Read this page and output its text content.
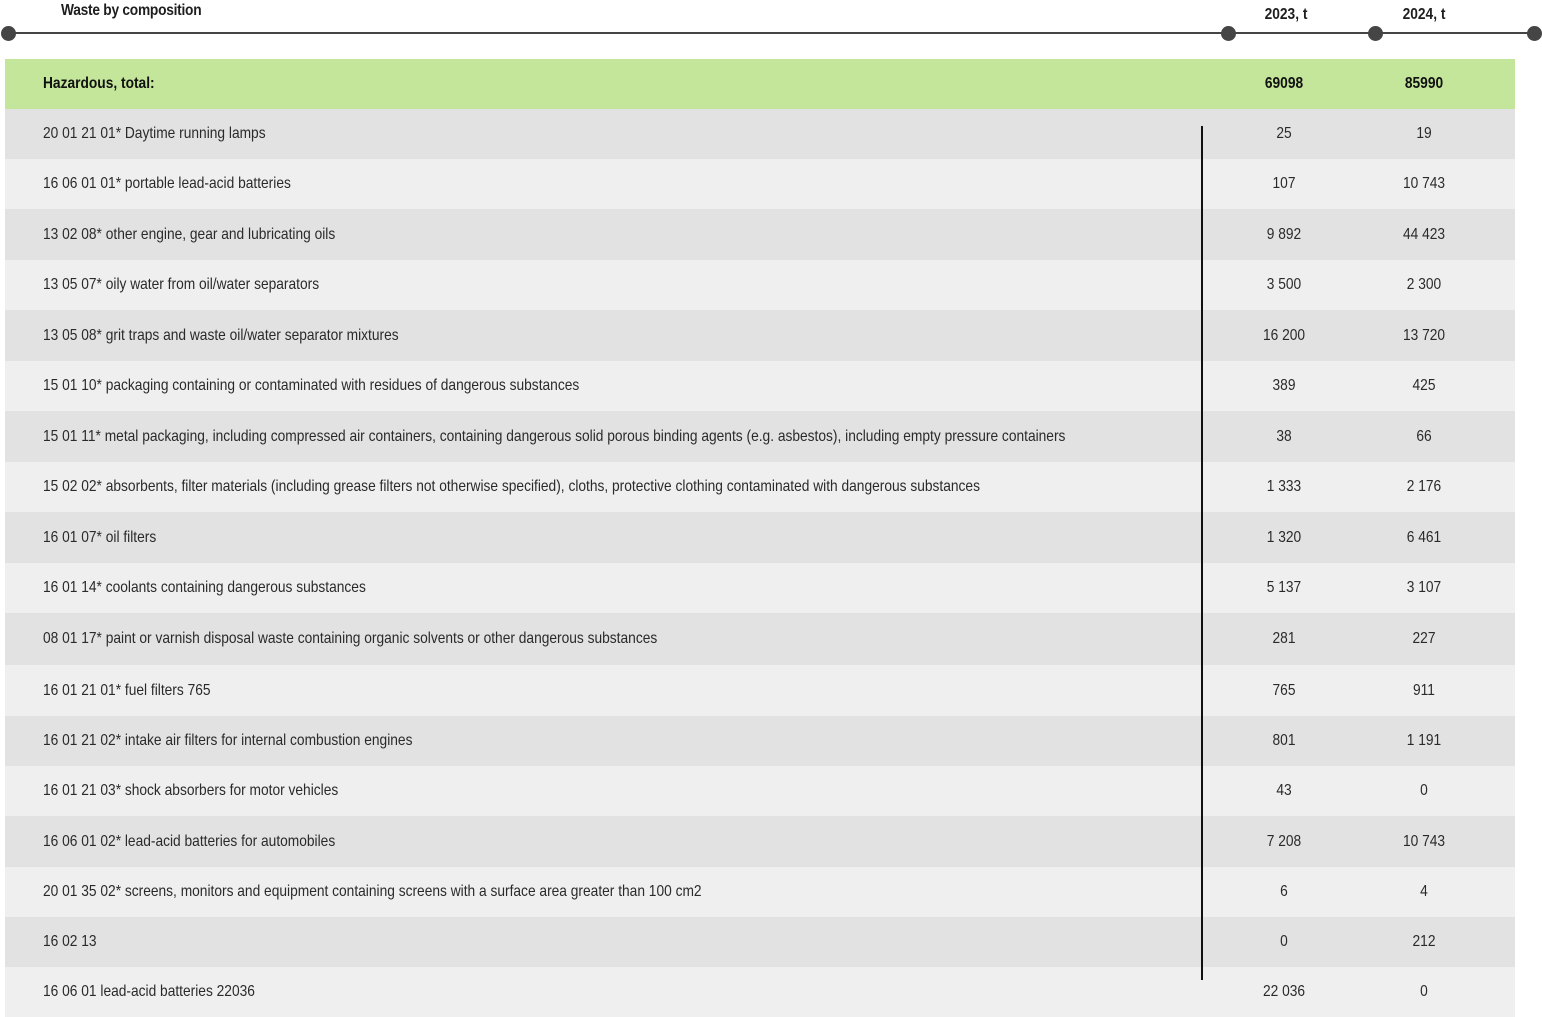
Waste by composition	2023, t	2024, t
Hazardous, total:	69098	85990
20 01 21 01* Daytime running lamps	25	19
16 06 01 01* portable lead-acid batteries	107	10 743
13 02 08* other engine, gear and lubricating oils	9 892	44 423
13 05 07* oily water from oil/water separators	3 500	2 300
13 05 08* grit traps and waste oil/water separator mixtures	16 200	13 720
15 01 10* packaging containing or contaminated with residues of dangerous substances	389	425
15 01 11* metal packaging, including compressed air containers, containing dangerous solid porous binding agents (e.g. asbestos), including empty pressure containers	38	66
15 02 02* absorbents, filter materials (including grease filters not otherwise specified), cloths, protective clothing contaminated with dangerous substances	1 333	2 176
16 01 07* oil filters	1 320	6 461
16 01 14* coolants containing dangerous substances	5 137	3 107
08 01 17* paint or varnish disposal waste containing organic solvents or other dangerous substances	281	227
16 01 21 01* fuel filters 765	765	911
16 01 21 02* intake air filters for internal combustion engines	801	1 191
16 01 21 03* shock absorbers for motor vehicles	43	0
16 06 01 02* lead-acid batteries for automobiles	7 208	10 743
20 01 35 02* screens, monitors and equipment containing screens with a surface area greater than 100 cm2	6	4
16 02 13	0	212
16 06 01 lead-acid batteries 22036	22 036	0
